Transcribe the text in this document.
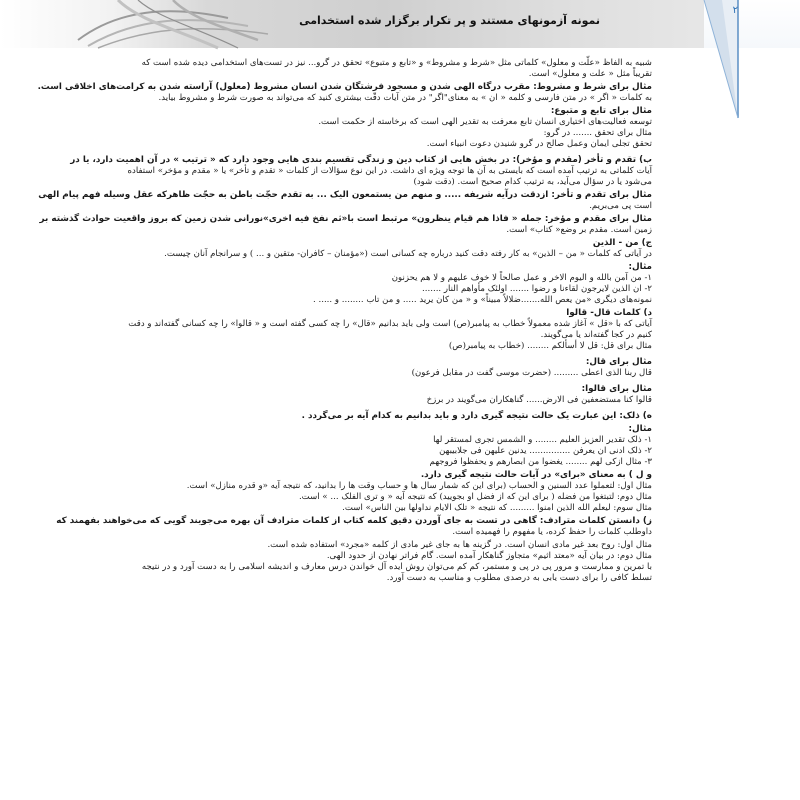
نمونه آزمونهای مستند و پر تکرار برگزار شده استخدامی
۲
شبیه به الفاظ «علّت و معلول» کلماتی مثل «شرط و مشروط» و «تابع و متبوع» تحقق در گرو... نیز در تست‌های استخدامی دیده شده است که
تقریباً مثل « علت و معلول» است.
مثال برای شرط و مشروط: مقرب درگاه الهی شدن و مسجود فرشتگان شدن انسان مشروط (معلول) آراسته شدن به کرامت‌های اخلاقی است.
به کلمات « اگر » در متن فارسی و کلمه « ان » به معنای"اگر" در متن آیات دقّت بیشتری کنید که می‌تواند به صورت شرط و مشروط بیاید.
مثال برای تابع و متبوع:
توسعه فعالیت‌های اختیاری انسان تابع معرفت به تقدیر الهی است که برخاسته از حکمت است.
مثال برای تحقق ....... در گرو:
تحقق تجلی ایمان وعمل صالح در گرو شنیدن دعوت انبیاء است.
ب) تقدم و تأخر (مقدم و مؤخر): در بخش هایی از کتاب دین و زندگی تقسیم بندی هایی وجود دارد که « ترتیب » در آن اهمیت دارد، یا در
آیات کلماتی به ترتیب آمده است که بایستی به آن ها توجه ویژه ای داشت. در این نوع سؤالات از کلمات « تقدم و تأخر» یا « مقدم و مؤخر» استفاده
می‌شود یا در سؤال می‌آید، به ترتیب کدام صحیح است. (دقت شود)
مثال برای تقدم و تأخر: ازدقت درآیه شریفه ..... و منهم من یستمعون الیک ... به تقدم حجّت باطن به حجّت ظاهرکه عقل وسیله فهم پیام الهی
است پی می‌بریم.
مثال برای مقدم و مؤخر: جمله « فاذا هم قیام ینظرون» مرتبط است با«ثم نفخ فیه اخری»نورانی شدن زمین که بروز واقعیت حوادث گذشته بر
زمین است. مقدم بر وضع« کتاب» است.
ج) من - الذین
در آیاتی که کلمات « من – الذین» به کار رفته دقت کنید درباره چه کسانی است («مؤمنان – کافران- متقین و ... ) و سرانجام آنان چیست.
مثال:
۱- من آمن بالله و الیوم الاخر و عمل صالحاً لا خوف علیهم و لا هم یحزنون
۲- ان الذین لایرجون لقاءنا و رضوا ....... اولئک مأواهم النار .......
نمونه‌های دیگری «من یعص الله.......ضلالاً مبیناً» و « من کان یرید ..... و من تاب ........ و ..... .
د) کلمات قال- قالوا
آیاتی که با «قل » آغاز شده معمولاً خطاب به پیامبر(ص) است ولی باید بدانیم «قال» را چه کسی گفته است و « قالوا» را چه کسانی گفته‌اند و دقت
کنیم در کجا گفته‌اند یا می‌گویند.
مثال برای قل: قل لا أسألکم ........ (خطاب به پیامبر(ص)
مثال برای قال:
قال ربنا الذی اعطی ......... (حضرت موسی گفت در مقابل فرعون)
مثال برای قالوا:
قالوا کنا مستضعفین فی الارض...... گناهکاران می‌گویند در برزخ
ه) ذلک: این عبارت یک حالت نتیجه گیری دارد و باید بدانیم به کدام آیه بر می‌گردد .
مثال:
۱- ذلک تقدیر العزیز العلیم ........ و الشمس تجری لمستقر لها
۲- ذلک ادنی ان یعرفن ............... یدنین علیهن فی جلابیبهن
۳- مثال ازکی لهم ........ یغضوا من ابصارهم و یحفظوا فروجهم
و ل ) به معنای «برای» در آیات حالت نتیجه گیری دارد.
مثال اول: لتعملوا عدد السنین و الحساب (برای این که شمار سال ها و حساب وقت ها را بدانید، که نتیجه آیه «و قدره منازل» است.
مثال دوم: لتبتغوا من فضله ( برای این که از فضل او بجویید) که نتیجه آیه « و تری الفلک ... » است.
مثال سوم: لیعلم الله الذین امنوا ......... که نتیجه « تلک الایام نداولها بین الناس» است.
ز) دانستن کلمات مترادف: گاهی در تست به جای آوردن دقیق کلمه کتاب از کلمات مترادف آن بهره می‌جویند گویی که می‌خواهند بفهمند که
داوطلب کلمات را حفظ کرده، یا مفهوم را فهمیده است.
مثال اول: روح بعد غیر مادی انسان است. در گزینه ها به جای غیر مادی از کلمه «مجرد» استفاده شده است.
مثال دوم: در بیان آیه «معتد اثیم» متجاوز گناهکار آمده است. گام فراتر نهادن از حدود الهی.
با تمرین و ممارست و مرور پی در پی و مستمر، کم کم می‌توان روش ایده آل خواندن درس معارف و اندیشه اسلامی را به دست آورد و در نتیجه
تسلط کافی را برای دست یابی به درصدی مطلوب و مناسب به دست آورد.
